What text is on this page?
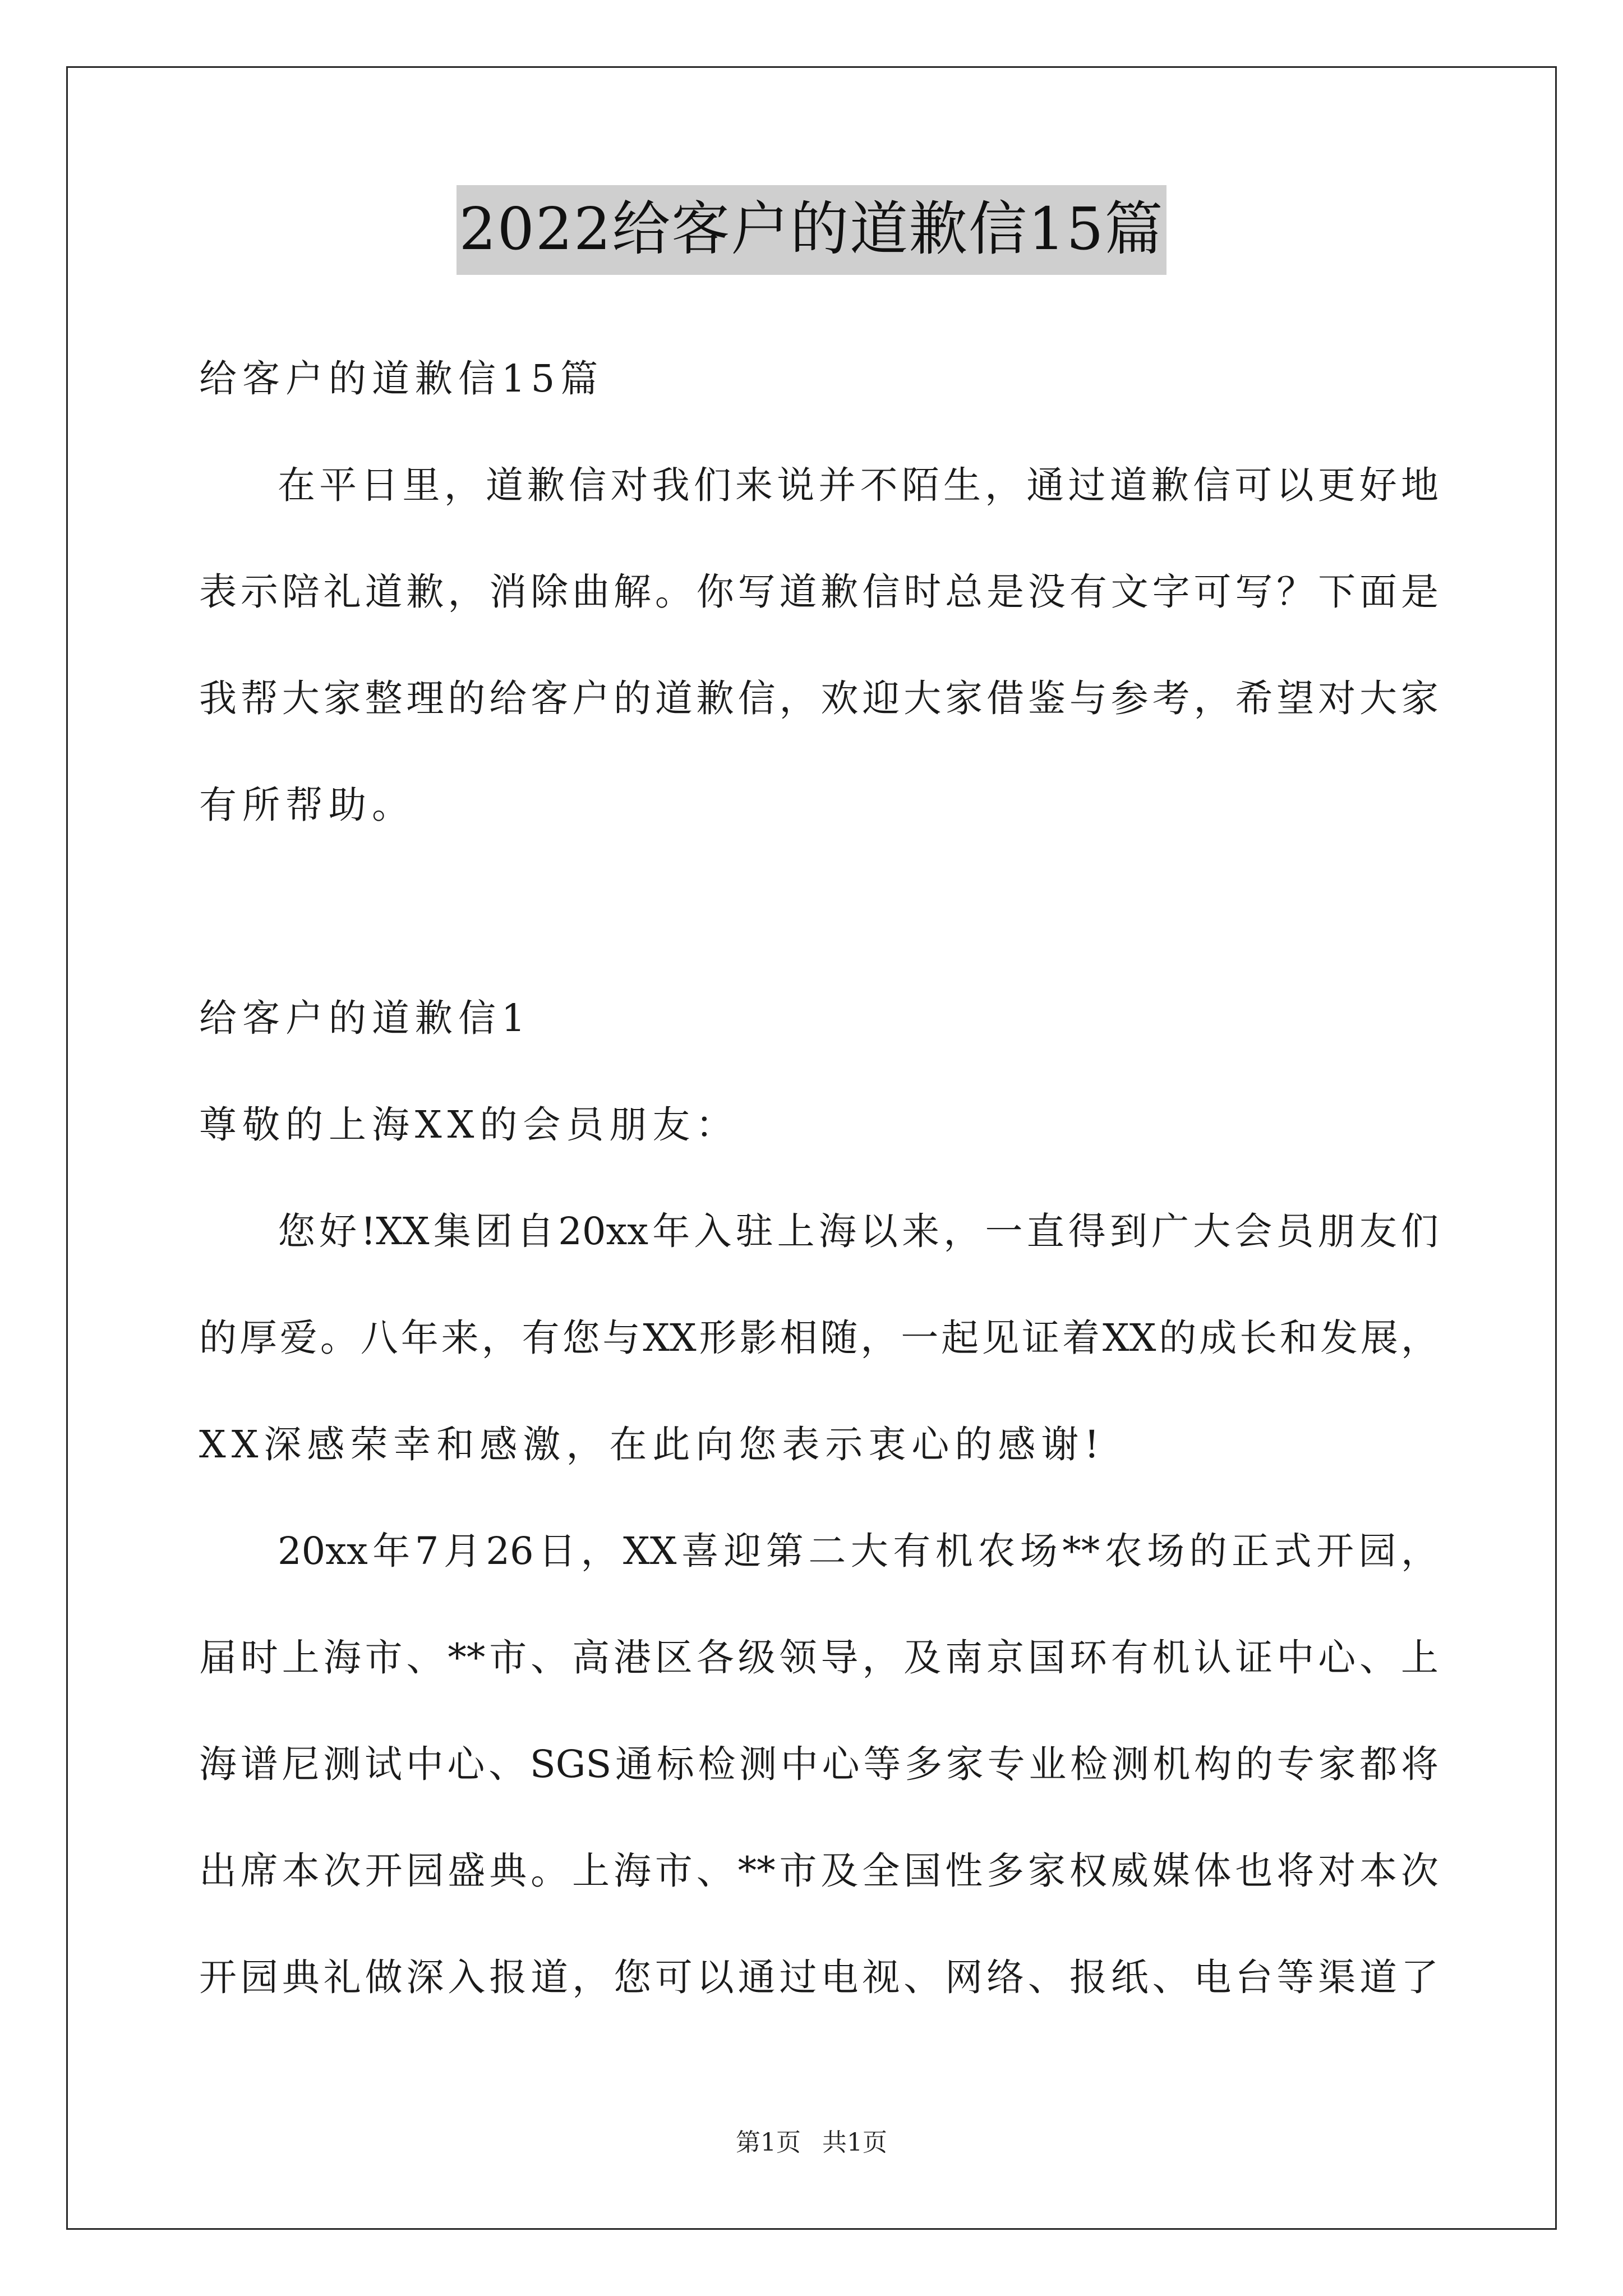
2022给客户的道歉信15篇
给客户的道歉信15篇
在平日里，道歉信对我们来说并不陌生，通过道歉信可以更好地
表示陪礼道歉，消除曲解。你写道歉信时总是没有文字可写？下面是
我帮大家整理的给客户的道歉信，欢迎大家借鉴与参考，希望对大家
有所帮助。
给客户的道歉信1
尊敬的上海XX的会员朋友：
您好!XX集团自20xx年入驻上海以来，一直得到广大会员朋友们
的厚爱。八年来，有您与XX形影相随，一起见证着XX的成长和发展，
XX深感荣幸和感激，在此向您表示衷心的感谢!
20xx年7月26日，XX喜迎第二大有机农场**农场的正式开园，
届时上海市、**市、高港区各级领导，及南京国环有机认证中心、上
海谱尼测试中心、SGS通标检测中心等多家专业检测机构的专家都将
出席本次开园盛典。上海市、**市及全国性多家权威媒体也将对本次
开园典礼做深入报道，您可以通过电视、网络、报纸、电台等渠道了
第1页 共1页
